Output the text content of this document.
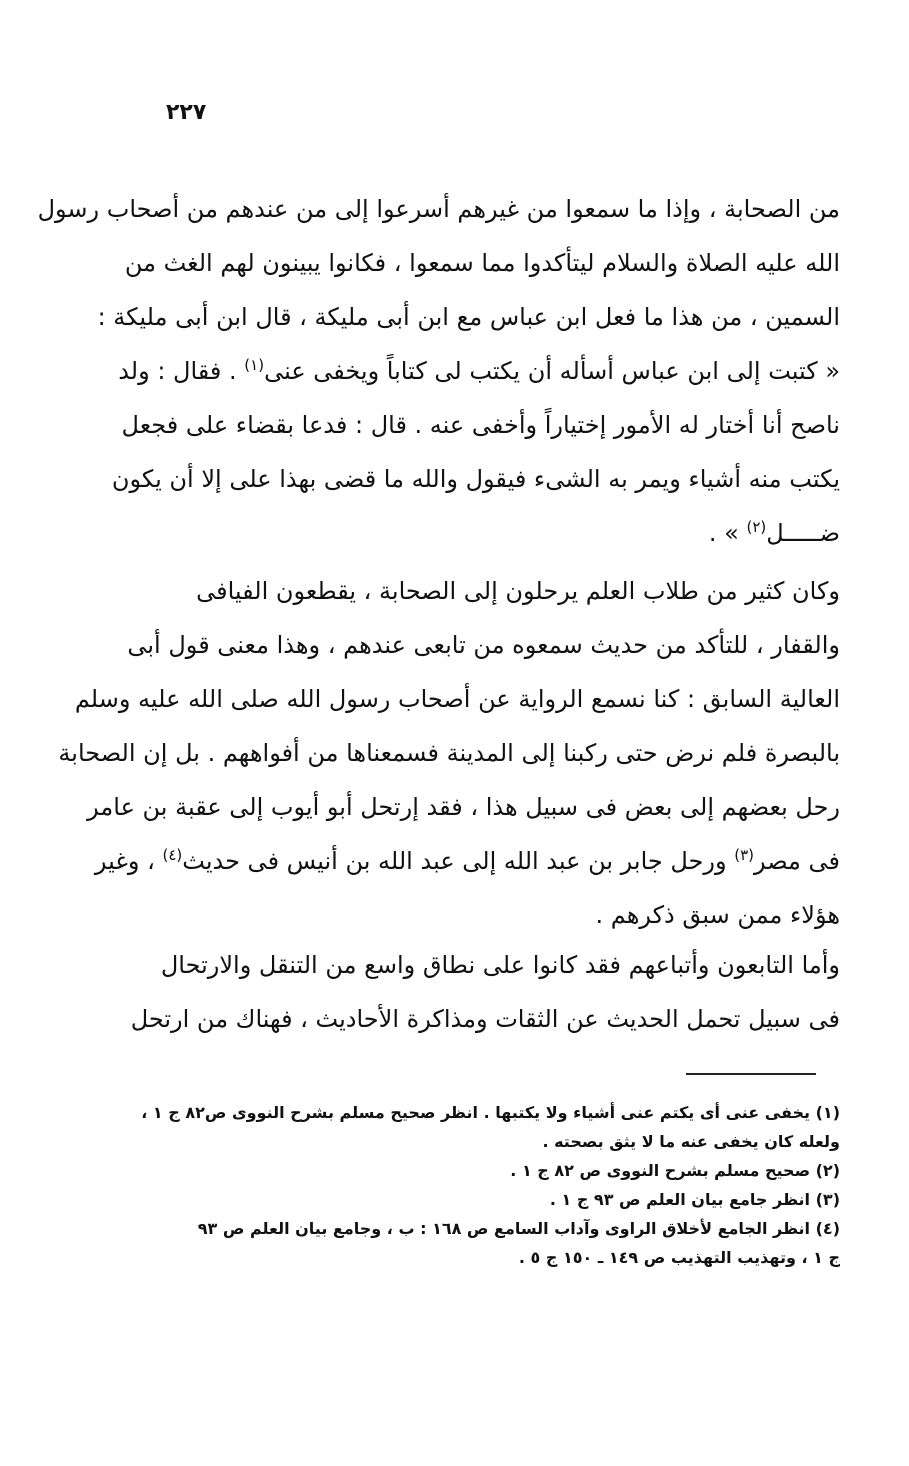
٢٢٧

من الصحابة ، وإذا ما سمعوا من غيرهم أسرعوا إلى من عندهم من أصحاب رسول
الله عليه الصلاة والسلام ليتأكدوا مما سمعوا ، فكانوا يبينون لهم الغث من
السمين ، من هذا ما فعل ابن عباس مع ابن أبى مليكة ، قال ابن أبى مليكة :
« كتبت إلى ابن عباس أسأله أن يكتب لى كتاباً ويخفى عنى$^{(١)}$ . فقال : ولد
ناصح أنا أختار له الأمور إختياراً وأخفى عنه . قال : فدعا بقضاء على فجعل
يكتب منه أشياء ويمر به الشىء فيقول والله ما قضى بهذا على إلا أن يكون
ضـــــل$^{(٢)}$ » .

وكان كثير من طلاب العلم يرحلون إلى الصحابة ، يقطعون الفيافى
والقفار ، للتأكد من حديث سمعوه من تابعى عندهم ، وهذا معنى قول أبى
العالية السابق : كنا نسمع الرواية عن أصحاب رسول الله صلى الله عليه وسلم
بالبصرة فلم نرض حتى ركبنا إلى المدينة فسمعناها من أفواههم . بل إن الصحابة
رحل بعضهم إلى بعض فى سبيل هذا ، فقد إرتحل أبو أيوب إلى عقبة بن عامر
فى مصر$^{(٣)}$ ورحل جابر بن عبد الله إلى عبد الله بن أنيس فى حديث$^{(٤)}$ ، وغير
هؤلاء ممن سبق ذكرهم .

وأما التابعون وأتباعهم فقد كانوا على نطاق واسع من التنقل والارتحال
فى سبيل تحمل الحديث عن الثقات ومذاكرة الأحاديث ، فهناك من ارتحل

(١) يخفى عنى أى يكتم عنى أشياء ولا يكتبها . انظر صحيح مسلم بشرح النووى ص٨٢ ج ١ ،
ولعله كان يخفى عنه ما لا يثق بصحته .
(٢) صحيح مسلم بشرح النووى ص ٨٢ ج ١ .
(٣) انظر جامع بيان العلم ص ٩٣ ج ١ .
(٤) انظر الجامع لأخلاق الراوى وآداب السامع ص ١٦٨ : ب ، وجامع بيان العلم ص ٩٣
ج ١ ، وتهذيب التهذيب ص ١٤٩ ـ ١٥٠ ج ٥ .
